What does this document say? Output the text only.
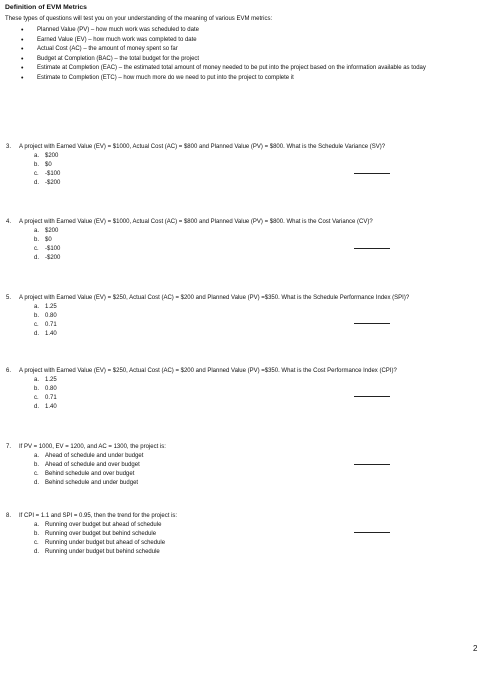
Definition of EVM Metrics
These types of questions will test you on your understanding of the meaning of various EVM metrics:
• Planned Value (PV) – how much work was scheduled to date
• Earned Value (EV) – how much work was completed to date
• Actual Cost (AC) – the amount of money spent so far
• Budget at Completion (BAC) – the total budget for the project
• Estimate at Completion (EAC) – the estimated total amount of money needed to be put into the project based on the information available as today
• Estimate to Completion (ETC) – how much more do we need to put into the project to complete it
3. A project with Earned Value (EV) = $1000, Actual Cost (AC) = $800 and Planned Value (PV) = $800. What is the Schedule Variance (SV)?
a. $200
b. $0
c. -$100
d. -$200
4. A project with Earned Value (EV) = $1000, Actual Cost (AC) = $800 and Planned Value (PV) = $800. What is the Cost Variance (CV)?
a. $200
b. $0
c. -$100
d. -$200
5. A project with Earned Value (EV) = $250, Actual Cost (AC) = $200 and Planned Value (PV) =$350. What is the Schedule Performance Index (SPI)?
a. 1.25
b. 0.80
c. 0.71
d. 1.40
6. A project with Earned Value (EV) = $250, Actual Cost (AC) = $200 and Planned Value (PV) =$350. What is the Cost Performance Index (CPI)?
a. 1.25
b. 0.80
c. 0.71
d. 1.40
7. If PV = 1000, EV = 1200, and AC = 1300, the project is:
a. Ahead of schedule and under budget
b. Ahead of schedule and over budget
c. Behind schedule and over budget
d. Behind schedule and under budget
8. If CPI = 1.1 and SPI = 0.95, then the trend for the project is:
a. Running over budget but ahead of schedule
b. Running over budget but behind schedule
c. Running under budget but ahead of schedule
d. Running under budget but behind schedule
2
